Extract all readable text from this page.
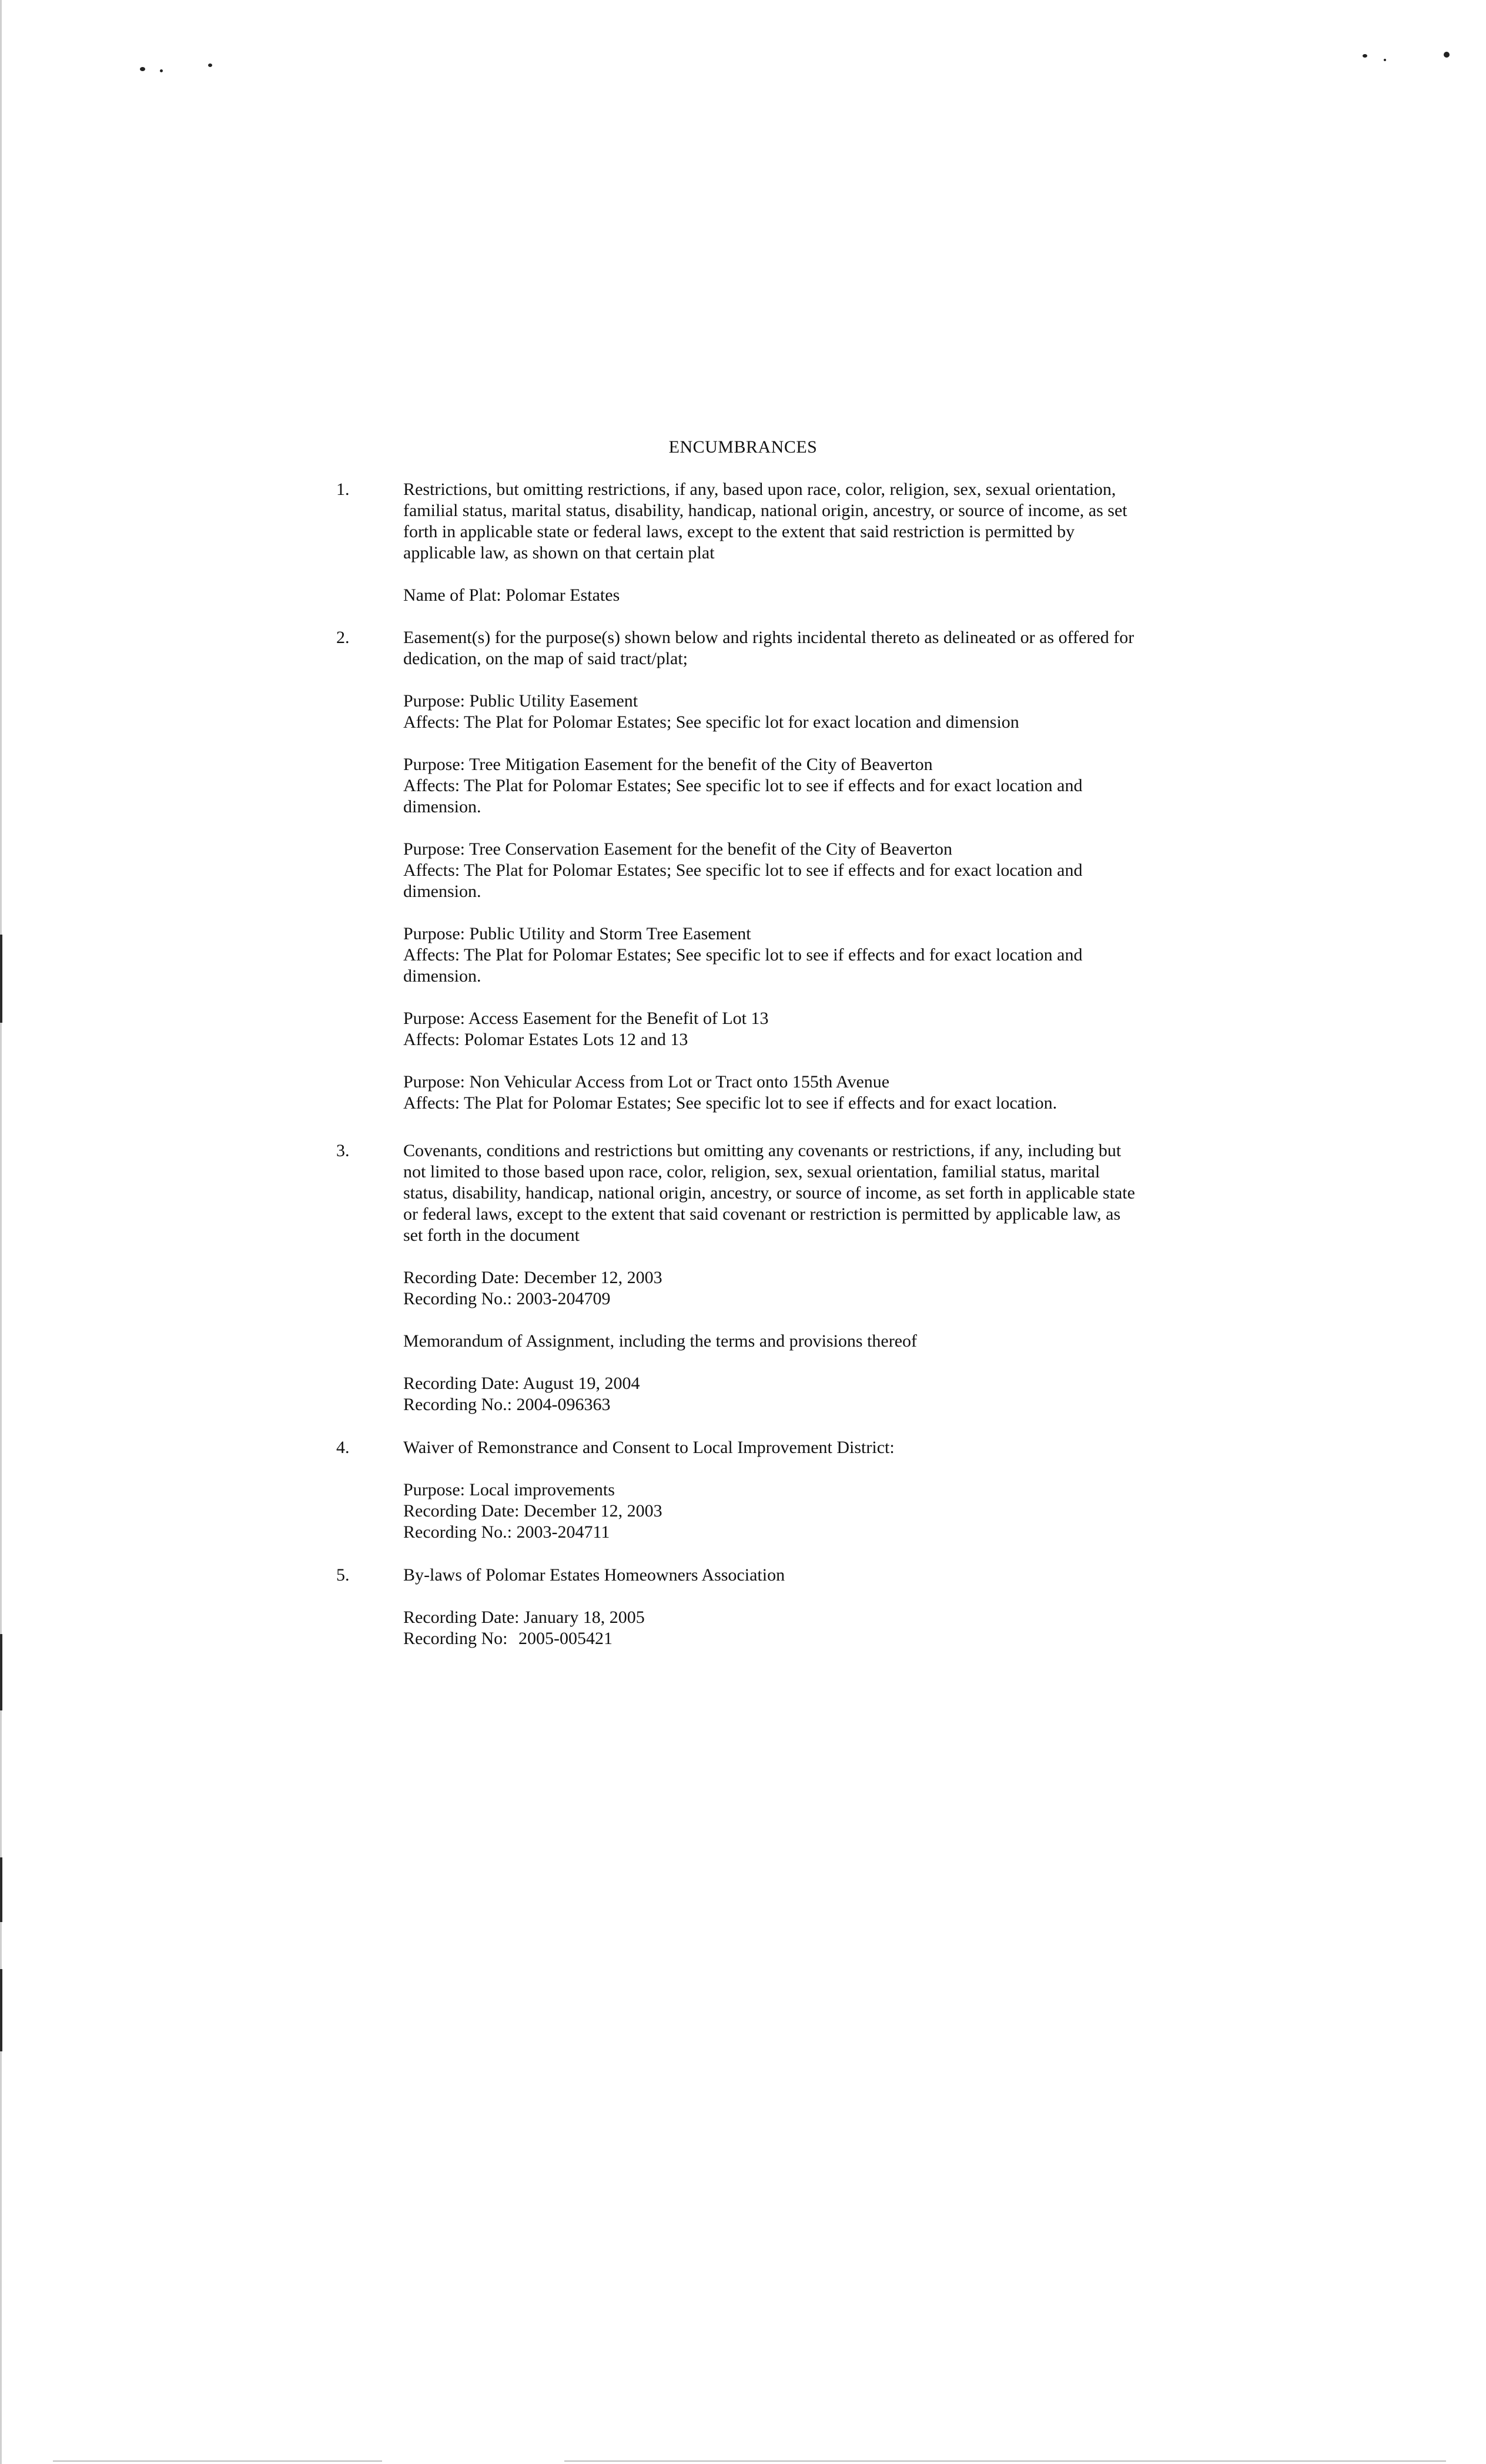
ENCUMBRANCES
1.	Restrictions, but omitting restrictions, if any, based upon race, color, religion, sex, sexual orientation, familial status, marital status, disability, handicap, national origin, ancestry, or source of income, as set forth in applicable state or federal laws, except to the extent that said restriction is permitted by applicable law, as shown on that certain plat

Name of Plat: Polomar Estates

2.	Easement(s) for the purpose(s) shown below and rights incidental thereto as delineated or as offered for dedication, on the map of said tract/plat;

Purpose: Public Utility Easement
Affects: The Plat for Polomar Estates; See specific lot for exact location and dimension

Purpose: Tree Mitigation Easement for the benefit of the City of Beaverton
Affects: The Plat for Polomar Estates; See specific lot to see if effects and for exact location and dimension.

Purpose: Tree Conservation Easement for the benefit of the City of Beaverton
Affects: The Plat for Polomar Estates; See specific lot to see if effects and for exact location and dimension.

Purpose: Public Utility and Storm Tree Easement
Affects: The Plat for Polomar Estates; See specific lot to see if effects and for exact location and dimension.

Purpose: Access Easement for the Benefit of Lot 13
Affects: Polomar Estates Lots 12 and 13

Purpose: Non Vehicular Access from Lot or Tract onto 155th Avenue
Affects: The Plat for Polomar Estates; See specific lot to see if effects and for exact location.

3.	Covenants, conditions and restrictions but omitting any covenants or restrictions, if any, including but not limited to those based upon race, color, religion, sex, sexual orientation, familial status, marital status, disability, handicap, national origin, ancestry, or source of income, as set forth in applicable state or federal laws, except to the extent that said covenant or restriction is permitted by applicable law, as set forth in the document

Recording Date: December 12, 2003
Recording No.: 2003-204709

Memorandum of Assignment, including the terms and provisions thereof

Recording Date: August 19, 2004
Recording No.: 2004-096363

4.	Waiver of Remonstrance and Consent to Local Improvement District:

Purpose: Local improvements
Recording Date: December 12, 2003
Recording No.: 2003-204711

5.	By-laws of Polomar Estates Homeowners Association

Recording Date: January 18, 2005
Recording No: 2005-005421
